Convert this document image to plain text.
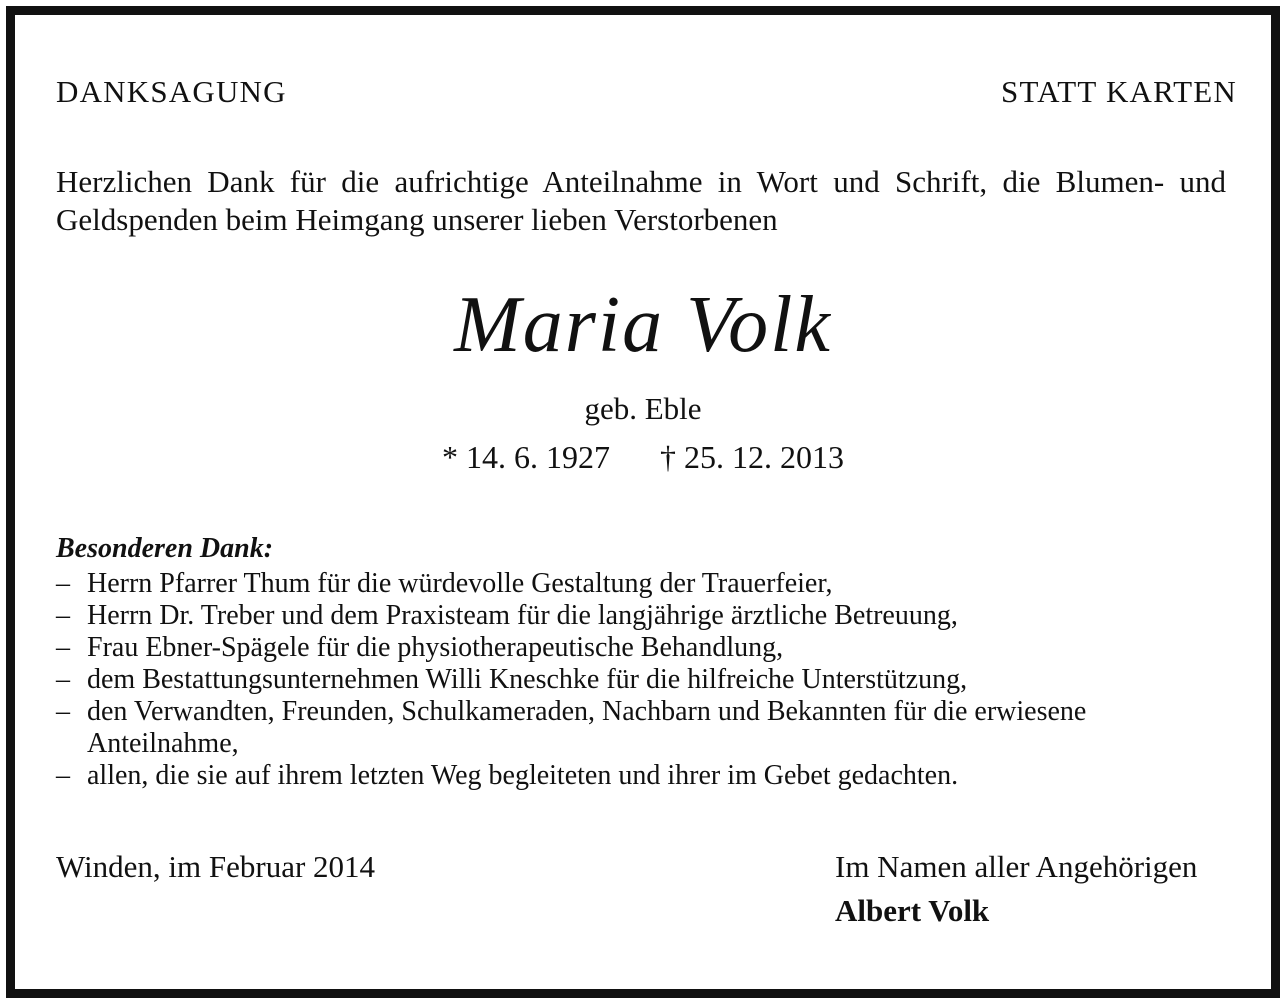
DANKSAGUNG	STATT KARTEN
Herzlichen Dank für die aufrichtige Anteilnahme in Wort und Schrift, die Blumen- und Geldspenden beim Heimgang unserer lieben Verstorbenen
Maria Volk
geb. Eble
* 14. 6. 1927 † 25. 12. 2013
Besonderen Dank:
– Herrn Pfarrer Thum für die würdevolle Gestaltung der Trauerfeier,
– Herrn Dr. Treber und dem Praxisteam für die langjährige ärztliche Betreuung,
– Frau Ebner-Spägele für die physiotherapeutische Behandlung,
– dem Bestattungsunternehmen Willi Kneschke für die hilfreiche Unterstützung,
– den Verwandten, Freunden, Schulkameraden, Nachbarn und Bekannten für die erwiesene Anteilnahme,
– allen, die sie auf ihrem letzten Weg begleiteten und ihrer im Gebet gedachten.
Winden, im Februar 2014	Im Namen aller Angehörigen
Albert Volk
